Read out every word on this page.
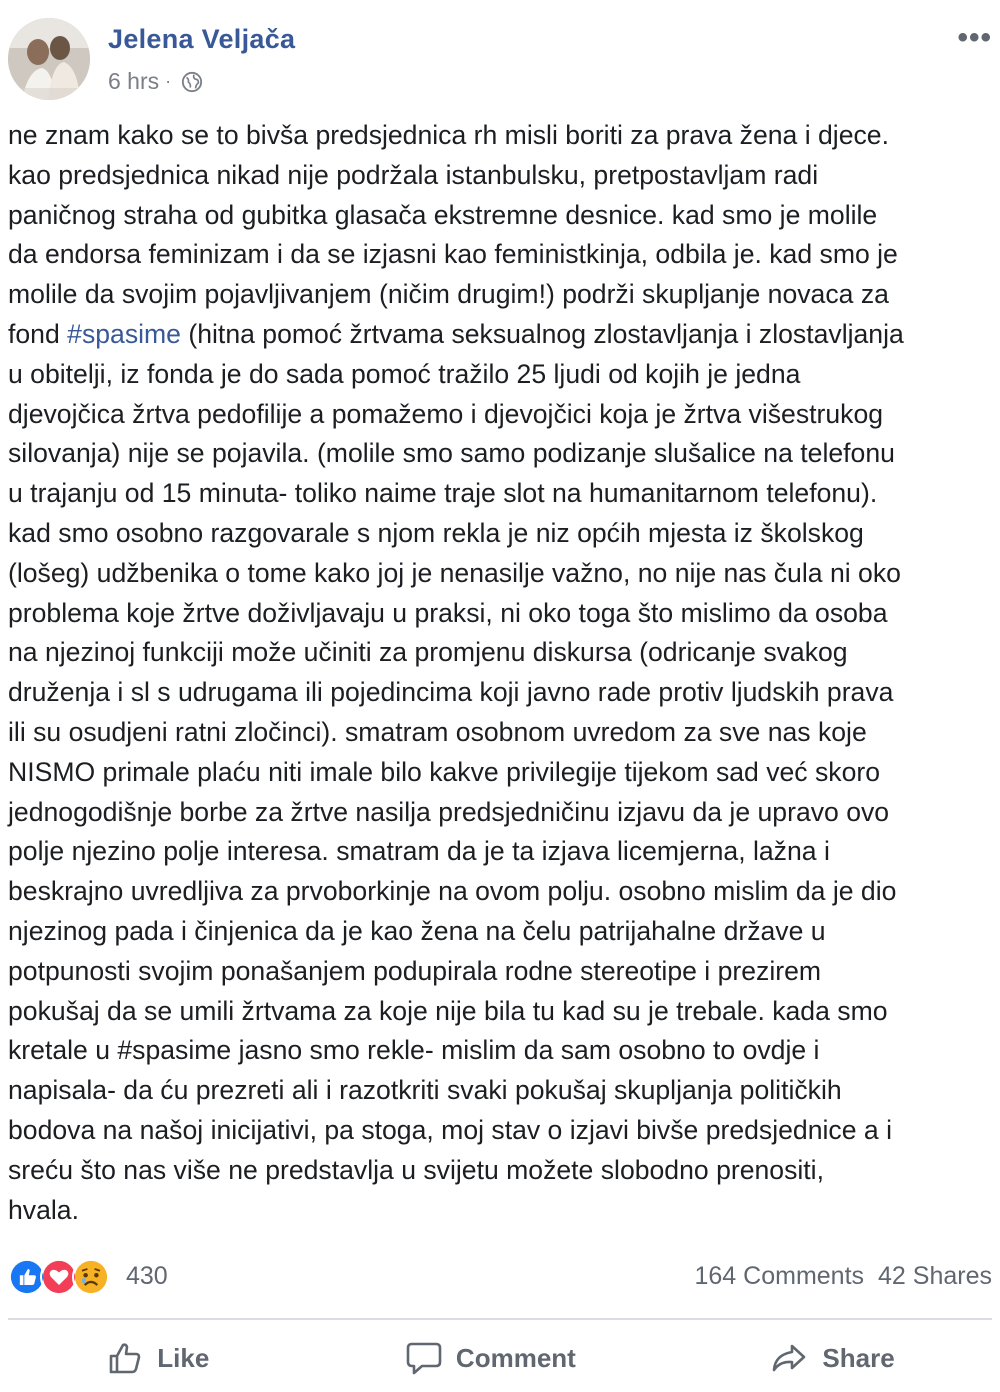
Jelena Veljača
6 hrs ·
•••

ne znam kako se to bivša predsjednica rh misli boriti za prava žena i djece.

kao predsjednica nikad nije podržala istanbulsku, pretpostavljam radi

paničnog straha od gubitka glasača ekstremne desnice. kad smo je molile

da endorsa feminizam i da se izjasni kao feministkinja, odbila je. kad smo je

molile da svojim pojavljivanjem (ničim drugim!) podrži skupljanje novaca za

fond #spasime (hitna pomoć žrtvama seksualnog zlostavljanja i zlostavljanja

u obitelji, iz fonda je do sada pomoć tražilo 25 ljudi od kojih je jedna

djevojčica žrtva pedofilije a pomažemo i djevojčici koja je žrtva višestrukog

silovanja) nije se pojavila. (molile smo samo podizanje slušalice na telefonu

u trajanju od 15 minuta- toliko naime traje slot na humanitarnom telefonu).

kad smo osobno razgovarale s njom rekla je niz općih mjesta iz školskog

(lošeg) udžbenika o tome kako joj je nenasilje važno, no nije nas čula ni oko

problema koje žrtve doživljavaju u praksi, ni oko toga što mislimo da osoba

na njezinoj funkciji može učiniti za promjenu diskursa (odricanje svakog

druženja i sl s udrugama ili pojedincima koji javno rade protiv ljudskih prava

ili su osudjeni ratni zločinci). smatram osobnom uvredom za sve nas koje

NISMO primale plaću niti imale bilo kakve privilegije tijekom sad već skoro

jednogodišnje borbe za žrtve nasilja predsjedničinu izjavu da je upravo ovo

polje njezino polje interesa. smatram da je ta izjava licemjerna, lažna i

beskrajno uvredljiva za prvoborkinje na ovom polju. osobno mislim da je dio

njezinog pada i činjenica da je kao žena na čelu patrijahalne države u

potpunosti svojim ponašanjem podupirala rodne stereotipe i prezirem

pokušaj da se umili žrtvama za koje nije bila tu kad su je trebale. kada smo

kretale u #spasime jasno smo rekle- mislim da sam osobno to ovdje i

napisala- da ću prezreti ali i razotkriti svaki pokušaj skupljanja političkih

bodova na našoj inicijativi, pa stoga, moj stav o izjavi bivše predsjednice a i

sreću što nas više ne predstavlja u svijetu možete slobodno prenositi,

hvala.

430	164 Comments 42 Shares
Like	Comment	Share
